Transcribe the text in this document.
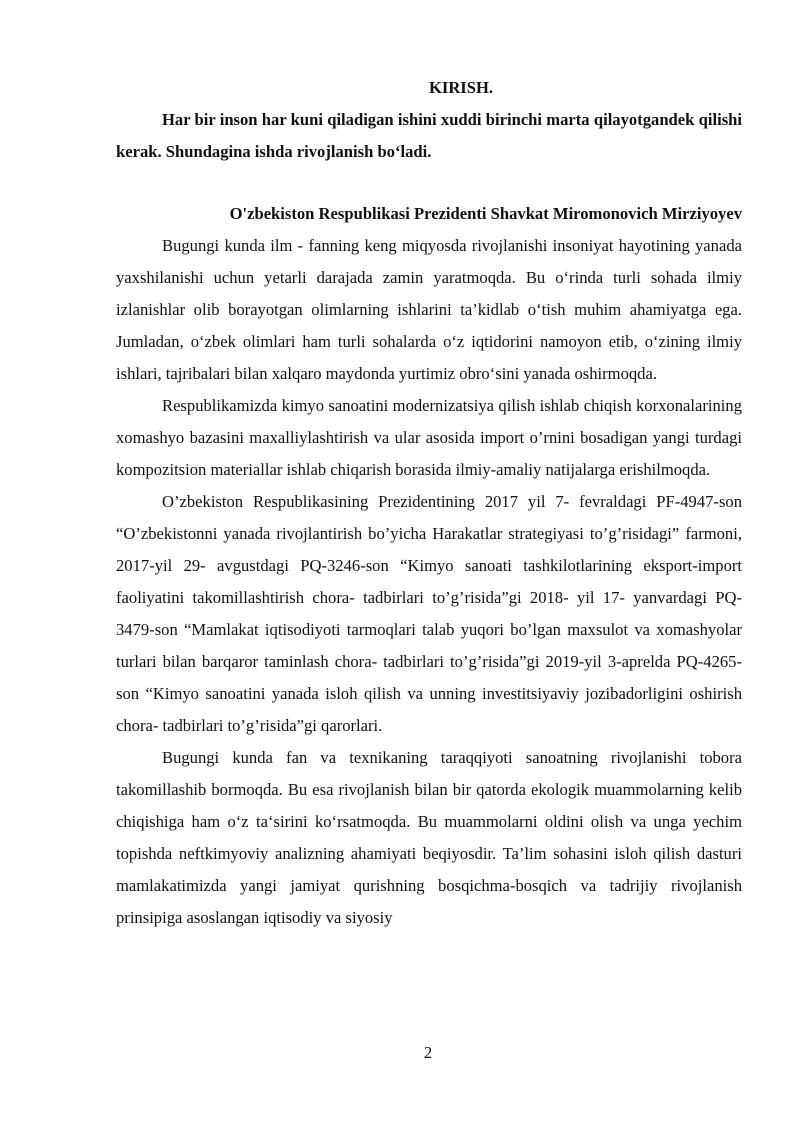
KIRISH.

Har bir inson har kuni qiladigan ishini xuddi birinchi marta qilayotgandek qilishi kerak. Shundagina ishda rivojlanish bo‘ladi.

O'zbekiston Respublikasi Prezidenti Shavkat Miromonovich Mirziyoyev

Bugungi kunda ilm - fanning keng miqyosda rivojlanishi insoniyat hayotining yanada yaxshilanishi uchun yetarli darajada zamin yaratmoqda. Bu o‘rinda turli sohada ilmiy izlanishlar olib borayotgan olimlarning ishlarini ta’kidlab o‘tish muhim ahamiyatga ega. Jumladan, o‘zbek olimlari ham turli sohalarda o‘z iqtidorini namoyon etib, o‘zining ilmiy ishlari, tajribalari bilan xalqaro maydonda yurtimiz obro‘sini yanada oshirmoqda.

Respublikamizda kimyo sanoatini modernizatsiya qilish ishlab chiqish korxonalarining xomashyo bazasini maxalliylashtirish va ular asosida import o’rnini bosadigan yangi turdagi kompozitsion materiallar ishlab chiqarish borasida ilmiy-amaliy natijalarga erishilmoqda.

O’zbekiston Respublikasining Prezidentining 2017 yil 7- fevraldagi PF-4947-son “O’zbekistonni yanada rivojlantirish bo’yicha Harakatlar strategiyasi to’g’risidagi” farmoni, 2017-yil 29- avgustdagi PQ-3246-son “Kimyo sanoati tashkilotlarining eksport-import faoliyatini takomillashtirish chora- tadbirlari to’g’risida”gi 2018- yil 17- yanvardagi PQ-3479-son “Mamlakat iqtisodiyoti tarmoqlari talab yuqori bo’lgan maxsulot va xomashyolar turlari bilan barqaror taminlash chora- tadbirlari to’g’risida”gi 2019-yil 3-aprelda PQ-4265-son “Kimyo sanoatini yanada isloh qilish va unning investitsiyaviy jozibadorligini oshirish chora- tadbirlari to’g’risida”gi qarorlari.

Bugungi kunda fan va texnikaning taraqqiyoti sanoatning rivojlanishi tobora takomillashib bormoqda. Bu esa rivojlanish bilan bir qatorda ekologik muammolarning kelib chiqishiga ham o‘z ta‘sirini ko‘rsatmoqda. Bu muammolarni oldini olish va unga yechim topishda neftkimyoviy analizning ahamiyati beqiyosdir. Ta’lim sohasini isloh qilish dasturi mamlakatimizda yangi jamiyat qurishning bosqichma-bosqich va tadrijiy rivojlanish prinsipiga asoslangan iqtisodiy va siyosiy

2
